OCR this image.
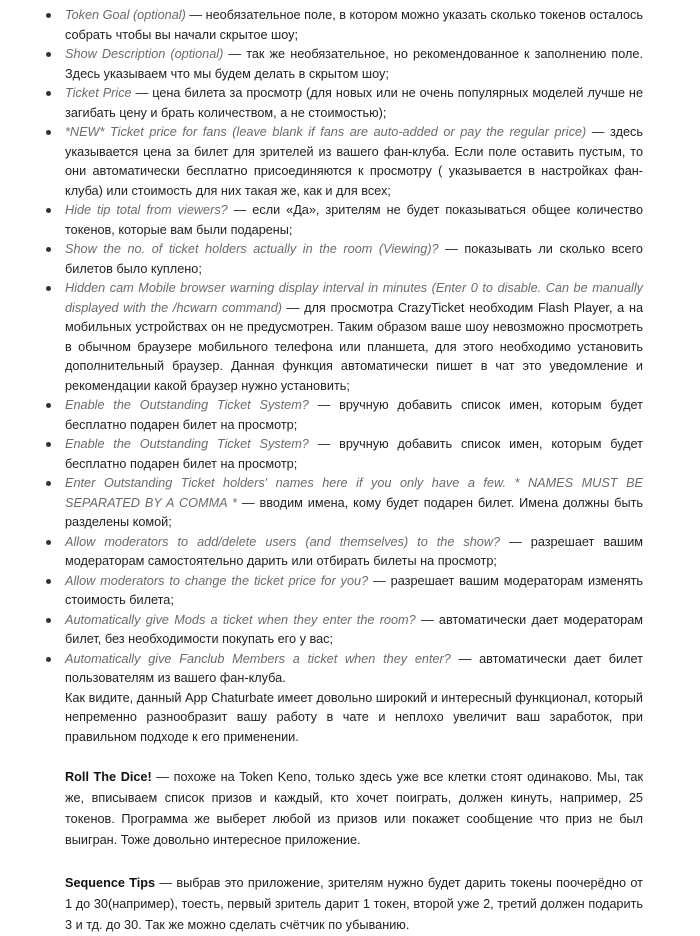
Token Goal (optional) — необязательное поле, в котором можно указать сколько токенов осталось собрать чтобы вы начали скрытое шоу;
Show Description (optional) — так же необязательное, но рекомендованное к заполнению поле. Здесь указываем что мы будем делать в скрытом шоу;
Ticket Price — цена билета за просмотр (для новых или не очень популярных моделей лучше не загибать цену и брать количеством, а не стоимостью);
*NEW* Ticket price for fans (leave blank if fans are auto-added or pay the regular price) — здесь указывается цена за билет для зрителей из вашего фан-клуба. Если поле оставить пустым, то они автоматически бесплатно присоединяются к просмотру ( указывается в настройках фан-клуба) или стоимость для них такая же, как и для всех;
Hide tip total from viewers? — если «Да», зрителям не будет показываться общее количество токенов, которые вам были подарены;
Show the no. of ticket holders actually in the room (Viewing)? — показывать ли сколько всего билетов было куплено;
Hidden cam Mobile browser warning display interval in minutes (Enter 0 to disable. Can be manually displayed with the /hcwarn command) — для просмотра CrazyTicket необходим Flash Player, а на мобильных устройствах он не предусмотрен. Таким образом ваше шоу невозможно просмотреть в обычном браузере мобильного телефона или планшета, для этого необходимо установить дополнительный браузер. Данная функция автоматически пишет в чат это уведомление и рекомендации какой браузер нужно установить;
Enable the Outstanding Ticket System? — вручную добавить список имен, которым будет бесплатно подарен билет на просмотр;
Enable the Outstanding Ticket System? — вручную добавить список имен, которым будет бесплатно подарен билет на просмотр;
Enter Outstanding Ticket holders' names here if you only have a few. * NAMES MUST BE SEPARATED BY A COMMA * — вводим имена, кому будет подарен билет. Имена должны быть разделены комой;
Allow moderators to add/delete users (and themselves) to the show? — разрешает вашим модераторам самостоятельно дарить или отбирать билеты на просмотр;
Allow moderators to change the ticket price for you? — разрешает вашим модераторам изменять стоимость билета;
Automatically give Mods a ticket when they enter the room? — автоматически дает модераторам билет, без необходимости покупать его у вас;
Automatically give Fanclub Members a ticket when they enter? — автоматически дает билет пользователям из вашего фан-клуба.

Как видите, данный App Chaturbate имеет довольно широкий и интересный функционал, который непременно разнообразит вашу работу в чате и неплохо увеличит ваш заработок, при правильном подходе к его применении.

Roll The Dice! — похоже на Token Keno, только здесь уже все клетки стоят одинаково. Мы, так же, вписываем список призов и каждый, кто хочет поиграть, должен кинуть, например, 25 токенов. Программа же выберет любой из призов или покажет сообщение что приз не был выигран. Тоже довольно интересное приложение.

Sequence Tips — выбрав это приложение, зрителям нужно будет дарить токены поочерёдно от 1 до 30(например), тоесть, первый зритель дарит 1 токен, второй уже 2, третий должен подарить 3 и тд. до 30. Так же можно сделать счётчик по убыванию.
